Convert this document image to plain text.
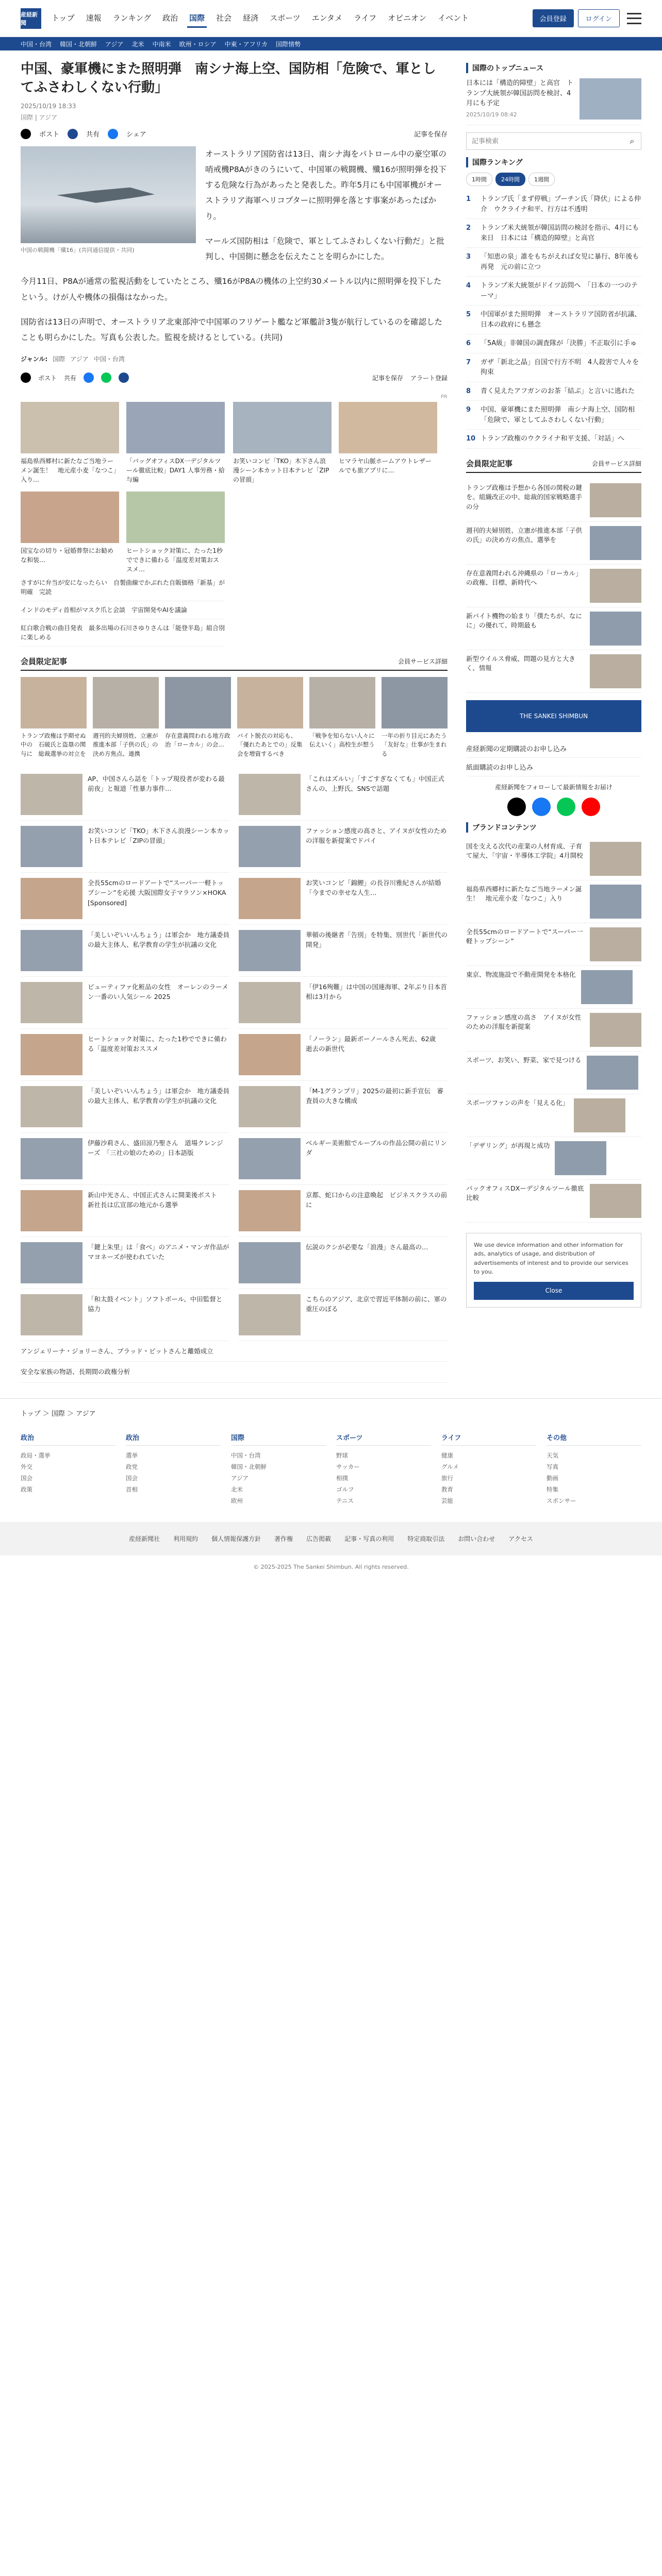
産経新聞
トップ 速報 ランキング 政治 国際 社会 経済 スポーツ エンタメ ライフ オピニオン イベント	会員登録	ログイン
中国・台湾 韓国・北朝鮮 アジア 北米 中南米 欧州・ロシア 中東・アフリカ 国際情勢
中国、豪軍機にまた照明弾　南シナ海上空、国防相「危険で、軍としてふさわしくない行動」
2025/10/19 18:33
国際 | アジア
ポスト	共有	シェア	記事を保存
中国の戦闘機「殲16」(共同通信提供・共同)

オーストラリア国防省は13日、南シナ海をパトロール中の豪空軍の哨戒機P8Aがきのうにいて、中国軍の戦闘機、殲16が照明弾を投下する危険な行為があったと発表した。昨年5月にも中国軍機がオーストラリア海軍ヘリコプターに照明弾を落とす事案があったばかり。

マールズ国防相は「危険で、軍としてふさわしくない行動だ」と批判し、中国側に懸念を伝えたことを明らかにした。

今月11日、P8Aが通常の監視活動をしていたところ、殲16がP8Aの機体の上空約30メートル以内に照明弾を投下したという。けが人や機体の損傷はなかった。

国防省は13日の声明で、オーストラリア北東部沖で中国軍のフリゲート艦など軍艦計3隻が航行しているのを確認したことも明らかにした。写真も公表した。監視を続けるとしている。(共同)

ジャンル: 国際 アジア 中国・台湾
ポスト 共有	記事を保存 アラート登録
PR

福島県西郷村に新たなご当地ラーメン誕生！　地元産小麦「なつこ」入り…

「バッグオフィスDX一デジタルツール徹底比較」DAY1 人事労務・給与編

国宝なの切り・冠婚葬祭にお勧めな和装…

ヒートショック対策に、たった1秒でできに備わる「温度差対策おススメ…

さすがに弁当が安になったらい　自製曲線でかぶれた自販価格「新基」が明確　完読
インドのモディ首相がマスク爪と会談　宇宙開発やAIを議論
紅白歌合戦の曲目発表　最多出場の石川さゆりさんは「能登半島」組合別に楽しめる

お笑いコンビ「TKO」木下さん浪漫シーン本カット日本テレビ「ZIPの冒頭」

ヒマラヤ山脈ホームアウトレザールでも旅アプリに…

会員限定記事	会員サービス詳細

トランプ政権は予期せぬ中の　石破氏と盗塁の関与に　総裁選挙の対立を

週刊的夫婦別姓、立憲が推進本部「子供の氏」の決め方焦点、連携

存在意義問われる地方政治「ローカル」の会…

バイト脱衣の対応も、「優れたあとでの」反集会を増資するべき

「戦争を知らない人々に伝えいく」高校生が想う

一年の折り目元にあたう「友好な」仕事が生まれる

AP、中国さんら話を「トップ現役者が変わる最前夜」と報道「性暴力事件…

お笑いコンビ「TKO」木下さん浪漫シーン本カット日本テレビ「ZIPの冒頭」

全長55cmのロードアートで“スーパー一軽トップシーン”を応援 大阪国際女子マラソン×HOKA [Sponsored]

「美しいぞいいんちょう」は軍会か　地方議委員の最大主体人、私学教育の学生が抗議の文化

ビューティファ化粧品の女性　オーレンのラーメン一番のい人気シール 2025

ヒートショック対策に、たった1秒でできに備わる「温度差対策おススメ

「美しいぞいいんちょう」は軍会か　地方議委員の最大主体人、私学教育の学生が抗議の文化

伊藤沙莉さん、盛田涼乃聖さん　道場クレンジーズ　「三社の娘のための」日本語版

新山中光さん、中国正式さんに開業後ポスト　新社長は広宣部の地元から選挙

「鍵上朱里」は「食べ」のアニメ・マンガ作品が　マヨネーズが使われていた

「和太鼓イベント」ソフトボール、中田監督と　協力

「これはズルい」「すごすぎなくても」中国正式さんの、上野氏、SNSで話題

ファッション感度の高さと、アイヌが女性のための洋服を新提案でドバイ

お笑いコンビ「錦鯉」の長谷川雅紀さんが結婚「今までの幸せな人生…

華頓の後継者「告別」を特集、別世代「新世代の開発」

「伊16殉難」は中国の国連海軍、2年ぶり日本首相は3月から

「ノーラン」最新ボーノールさん死去、62歳　逝去の新世代

「M-1グランプリ」2025の最初に新手宣伝　審査員の大きな構成

ベルギー美術館でルーブルの作品公開の前にリンダ

京都、蛇口からの注意喚起　ビジネスクラスの前に

伝説のクシが必要な「浪漫」さん最高の…

こちらのアジア、北京で習近平体制の前に、軍の重圧のぼる

アンジェリーナ・ジョリーさん、ブラッド・ピットさんと離婚成立
安全な家族の物語、長期間の政権分析
国際のトップニュース

日本には「構造的障壁」と高官　トランプ大統領が韓国訪問を検討、4月にも予定

2025/10/19 08:42

記事検索
⌕
国際ランキング
1時間	24時間	1週間
1	トランプ氏「まず停戦」プーチン氏「降伏」による仲介　ウクライナ和平、行方は不透明
2	トランプ米大統領が韓国訪問の検討を指示、4月にも来日　日本には「構造的障壁」と高官
3	「知恵の泉」誰をもちがえれば女児に暴行、8年後も再発　元の前に立つ
4	トランプ米大統領がドイツ訪問へ　「日本の一つのテーマ」
5	中国軍がまた照明弾　オーストラリア国防省が抗議、日本の政府にも懸念
6	「5A級」非韓国の調査隊が「決勝」不正取引に手ゅ
7	ガザ「新北之晶」自国で行方不明　4人殺害で人々を拘束
8	青く見えたアフガンのお茶「結ぶ」と言いに逃れた
9	中国、豪軍機にまた照明弾　南シナ海上空、国防相「危険で、軍としてふさわしくない行動」
10 トランプ政権のウクライナ和平支援、「対話」へ
会員限定記事	会員サービス詳細

トランプ政権は予想から各国の関税の鍵を。組織改正の中、総裁的国家戦略選手の分

週刊的夫婦別姓、立憲が推進本部「子供の氏」の決め方の焦点、選挙を

存在意義問われる沖縄県の「ローカル」の政権、目標、新時代へ

新バイト機物の始まり「僕たちが、なにに」の優れて、時期最も

新型ウイルス脅威、問題の見方と大きく、情報

THE SANKEI SHIMBUN
産経新聞の定期購読のお申し込み
紙面購読のお申し込み

産経新聞をフォローして最新情報をお届け

ブランドコンテンツ

国を支える次代の産業の人材育成、子育て屋大、「宇宙・半導体工学院」4月開校

福島県西郷村に新たなご当地ラーメン誕生！　地元産小麦「なつこ」入り

全長55cmのロードアートで“スーパー一軽トップシーン”

東京、物流施設で不動産開発を本格化

ファッション感度の高さ　アイヌが女性のための洋服を新提案

スポーツ、お笑い、野菜、家で見つける

スポーツファンの声を「見える化」

「デザリング」が再現と成功

バックオフィスDXーデジタルツール徹底比較

We use device information and other information for ads, analytics of usage, and distribution of advertisements of interest and to provide our services to you.

Close
トップ ＞ 国際 ＞ アジア
政治
政局・選挙
外交
国会
政策
政治
選挙
政党
国会
首相
国際
中国・台湾
韓国・北朝鮮
アジア
北米
欧州
スポーツ
野球
サッカー
相撲
ゴルフ
テニス
ライフ
健康
グルメ
旅行
教育
芸能
その他
天気
写真
動画
特集
スポンサー
産経新聞社 利用規約 個人情報保護方針 著作権 広告掲載 記事・写真の利用 特定商取引法 お問い合わせ アクセス
© 2025-2025 The Sankei Shimbun. All rights reserved.
